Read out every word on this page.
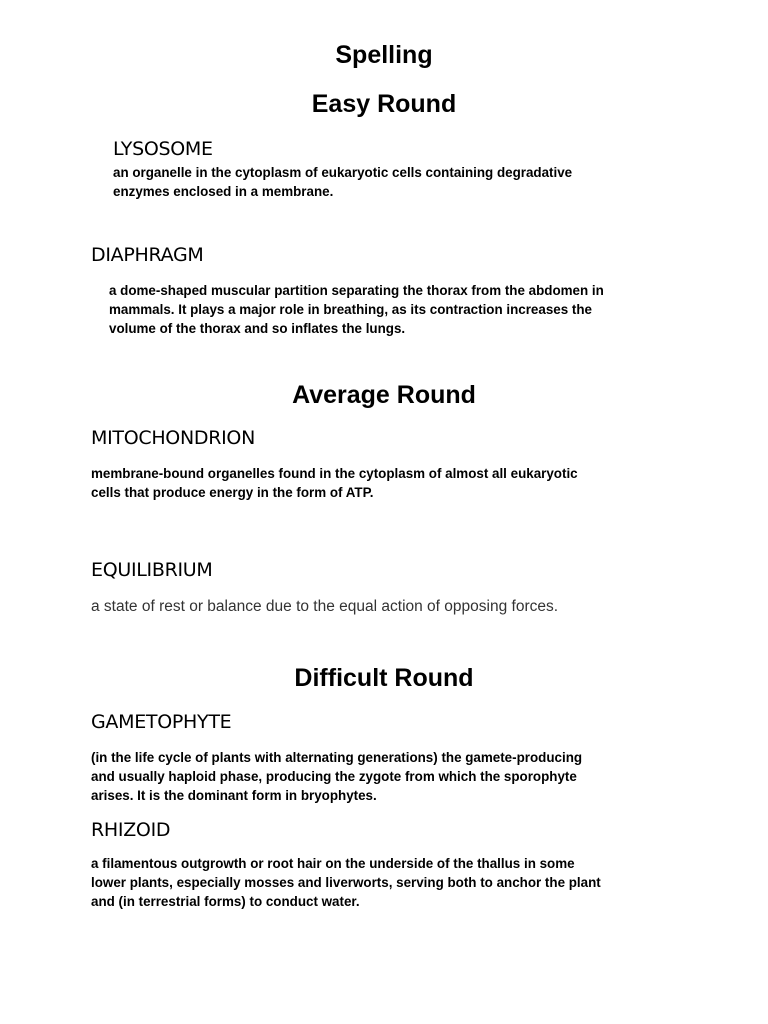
Spelling
Easy Round
LYSOSOME
an organelle in the cytoplasm of eukaryotic cells containing degradative
enzymes enclosed in a membrane.
DIAPHRAGM
a dome-shaped muscular partition separating the thorax from the abdomen in
mammals. It plays a major role in breathing, as its contraction increases the
volume of the thorax and so inflates the lungs.
Average Round
MITOCHONDRION
membrane-bound organelles found in the cytoplasm of almost all eukaryotic
cells that produce energy in the form of ATP.
EQUILIBRIUM
a state of rest or balance due to the equal action of opposing forces.
Difficult Round
GAMETOPHYTE
(in the life cycle of plants with alternating generations) the gamete-producing
and usually haploid phase, producing the zygote from which the sporophyte
arises. It is the dominant form in bryophytes.
RHIZOID
a filamentous outgrowth or root hair on the underside of the thallus in some
lower plants, especially mosses and liverworts, serving both to anchor the plant
and (in terrestrial forms) to conduct water.
